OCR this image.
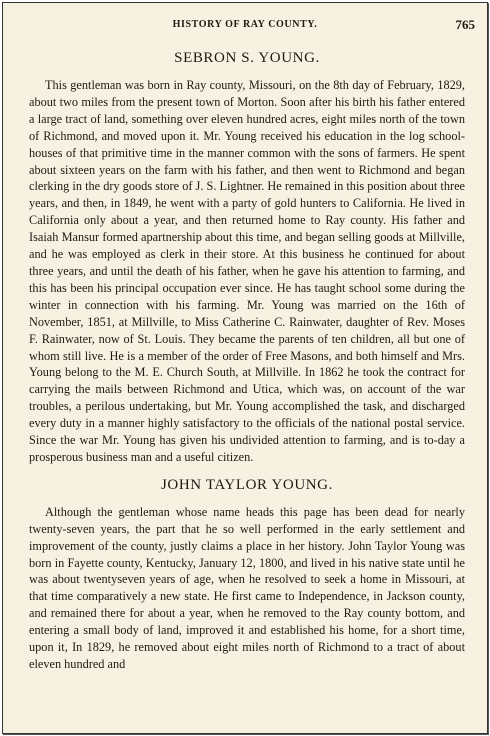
HISTORY OF RAY COUNTY.	765
SEBRON S. YOUNG.

This gentleman was born in Ray county, Missouri, on the 8th day of February, 1829, about two miles from the present town of Morton. Soon after his birth his father entered a large tract of land, something over eleven hundred acres, eight miles north of the town of Richmond, and moved upon it. Mr. Young received his education in the log schoolhouses of that primitive time in the manner common with the sons of farmers. He spent about sixteen years on the farm with his father, and then went to Richmond and began clerking in the dry goods store of J. S. Lightner. He remained in this position about three years, and then, in 1849, he went with a party of gold hunters to California. He lived in California only about a year, and then returned home to Ray county. His father and Isaiah Mansur formed apartnership about this time, and began selling goods at Millville, and he was employed as clerk in their store. At this business he continued for about three years, and until the death of his father, when he gave his attention to farming, and this has been his principal occupation ever since. He has taught school some during the winter in connection with his farming. Mr. Young was married on the 16th of November, 1851, at Millville, to Miss Catherine C. Rainwater, daughter of Rev. Moses F. Rainwater, now of St. Louis. They became the parents of ten children, all but one of whom still live. He is a member of the order of Free Masons, and both himself and Mrs. Young belong to the M. E. Church South, at Millville. In 1862 he took the contract for carrying the mails between Richmond and Utica, which was, on account of the war troubles, a perilous undertaking, but Mr. Young accomplished the task, and discharged every duty in a manner highly satisfactory to the officials of the national postal service. Since the war Mr. Young has given his undivided attention to farming, and is to-day a prosperous business man and a useful citizen.

JOHN TAYLOR YOUNG.

Although the gentleman whose name heads this page has been dead for nearly twenty-seven years, the part that he so well performed in the early settlement and improvement of the county, justly claims a place in her history. John Taylor Young was born in Fayette county, Kentucky, January 12, 1800, and lived in his native state until he was about twentyseven years of age, when he resolved to seek a home in Missouri, at that time comparatively a new state. He first came to Independence, in Jackson county, and remained there for about a year, when he removed to the Ray county bottom, and entering a small body of land, improved it and established his home, for a short time, upon it, In 1829, he removed about eight miles north of Richmond to a tract of about eleven hundred and
